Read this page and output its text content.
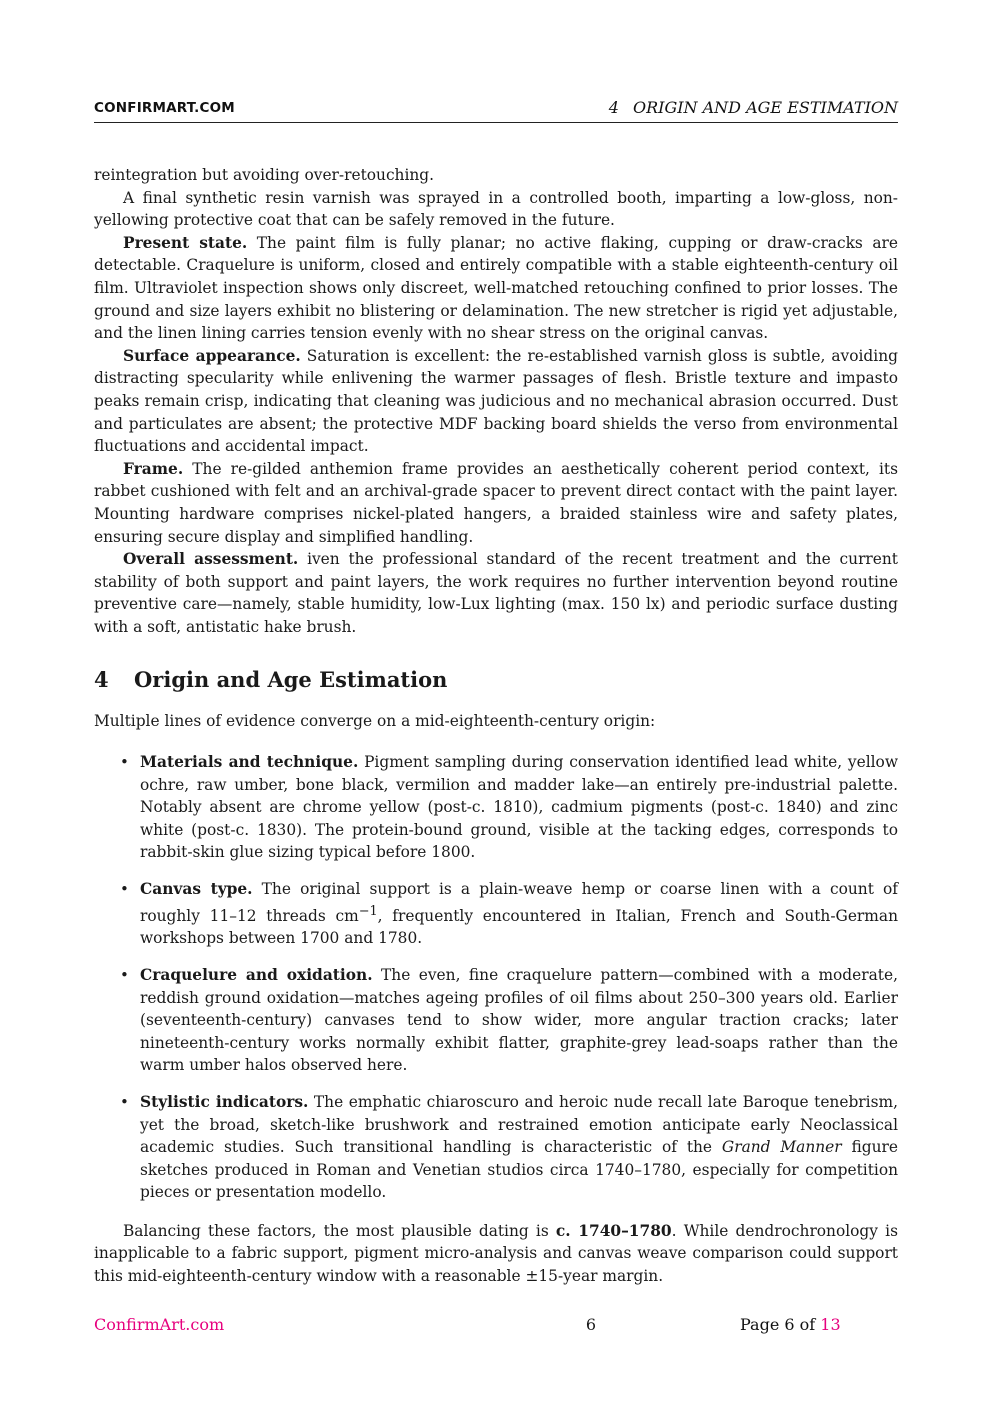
CONFIRMART.COM	4 ORIGIN AND AGE ESTIMATION

reintegration but avoiding over-retouching.

A final synthetic resin varnish was sprayed in a controlled booth, imparting a low-gloss, non-yellowing protective coat that can be safely removed in the future.

Present state. The paint film is fully planar; no active flaking, cupping or draw-cracks are detectable. Craquelure is uniform, closed and entirely compatible with a stable eighteenth-century oil film. Ultraviolet inspection shows only discreet, well-matched retouching confined to prior losses. The ground and size layers exhibit no blistering or delamination. The new stretcher is rigid yet adjustable, and the linen lining carries tension evenly with no shear stress on the original canvas.

Surface appearance. Saturation is excellent: the re-established varnish gloss is subtle, avoiding distracting specularity while enlivening the warmer passages of flesh. Bristle texture and impasto peaks remain crisp, indicating that cleaning was judicious and no mechanical abrasion occurred. Dust and particulates are absent; the protective MDF backing board shields the verso from environmental fluctuations and accidental impact.

Frame. The re-gilded anthemion frame provides an aesthetically coherent period context, its rabbet cushioned with felt and an archival-grade spacer to prevent direct contact with the paint layer. Mounting hardware comprises nickel-plated hangers, a braided stainless wire and safety plates, ensuring secure display and simplified handling.

Overall assessment. iven the professional standard of the recent treatment and the current stability of both support and paint layers, the work requires no further intervention beyond routine preventive care—namely, stable humidity, low-Lux lighting (max. 150 lx) and periodic surface dusting with a soft, antistatic hake brush.

4 Origin and Age Estimation

Multiple lines of evidence converge on a mid-eighteenth-century origin:

• Materials and technique. Pigment sampling during conservation identified lead white, yellow ochre, raw umber, bone black, vermilion and madder lake—an entirely pre-industrial palette. Notably absent are chrome yellow (post-c. 1810), cadmium pigments (post-c. 1840) and zinc white (post-c. 1830). The protein-bound ground, visible at the tacking edges, corresponds to rabbit-skin glue sizing typical before 1800.
• Canvas type. The original support is a plain-weave hemp or coarse linen with a count of roughly 11–12 threads $cm^{-1}$, frequently encountered in Italian, French and South-German workshops between 1700 and 1780.
• Craquelure and oxidation. The even, fine craquelure pattern—combined with a moderate, reddish ground oxidation—matches ageing profiles of oil films about 250–300 years old. Earlier (seventeenth-century) canvases tend to show wider, more angular traction cracks; later nineteenth-century works normally exhibit flatter, graphite-grey lead-soaps rather than the warm umber halos observed here.
• Stylistic indicators. The emphatic chiaroscuro and heroic nude recall late Baroque tenebrism, yet the broad, sketch-like brushwork and restrained emotion anticipate early Neoclassical academic studies. Such transitional handling is characteristic of the Grand Manner figure sketches produced in Roman and Venetian studios circa 1740–1780, especially for competition pieces or presentation modello.

Balancing these factors, the most plausible dating is c. 1740–1780. While dendrochronology is inapplicable to a fabric support, pigment micro-analysis and canvas weave comparison could support this mid-eighteenth-century window with a reasonable ±15-year margin.

ConfirmArt.com	6	Page 6 of 13
